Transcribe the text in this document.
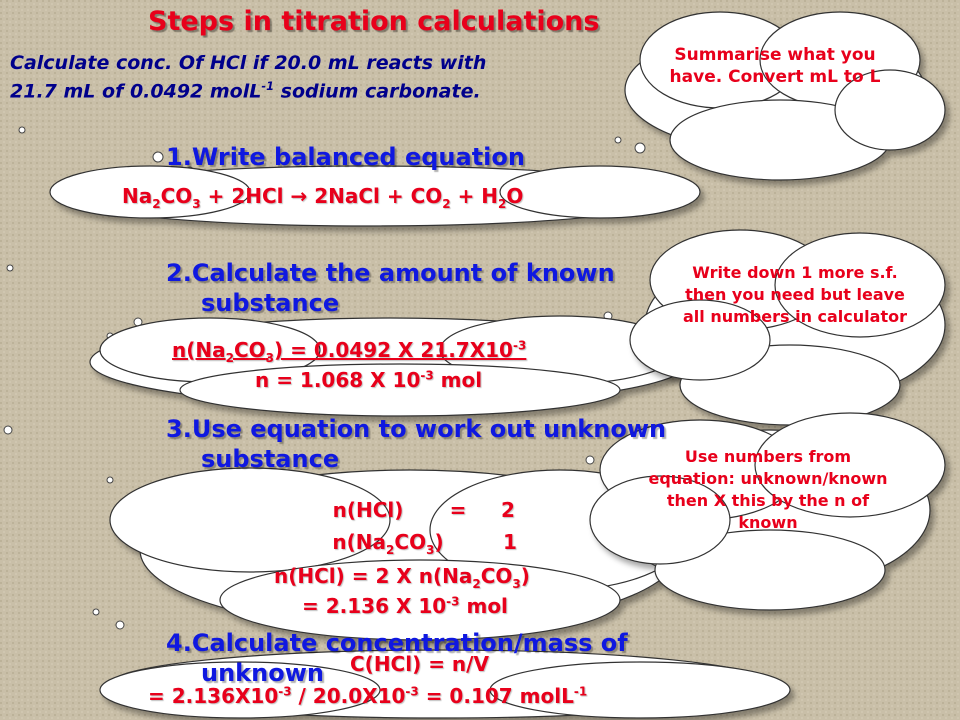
Steps in titration calculations
Calculate conc. Of HCl if 20.0 mL reacts with
21.7 mL of 0.0492 molL$^{-1}$ sodium carbonate.
1.Write balanced equation
$Na_2CO_3 + 2HCl$ → 2NaCl + $CO_2 + H_2O$
2.Calculate the amount of known
substance
$n(Na_2CO_3) = 0.0492$ X $21.7X10^{-3}$
n = 1.068 X $10^{-3}$ mol
3.Use equation to work out unknown
substance
n(HCl) = 2
$n(Na_2CO_3)$	1
n(HCl) = 2 X $n(Na_2CO_3)$
= 2.136 X $10^{-3}$ mol
4.Calculate concentration/mass of
unknown	C(HCl) = n/V
= $2.136X10^{-3} / 20.0X10^{-3} = 0.107$ molL$^{-1}$
Summarise what you have. Convert mL to L
Write down 1 more s.f. then you need but leave all numbers in calculator
Use numbers from equation: unknown/known then X this by the n of known
